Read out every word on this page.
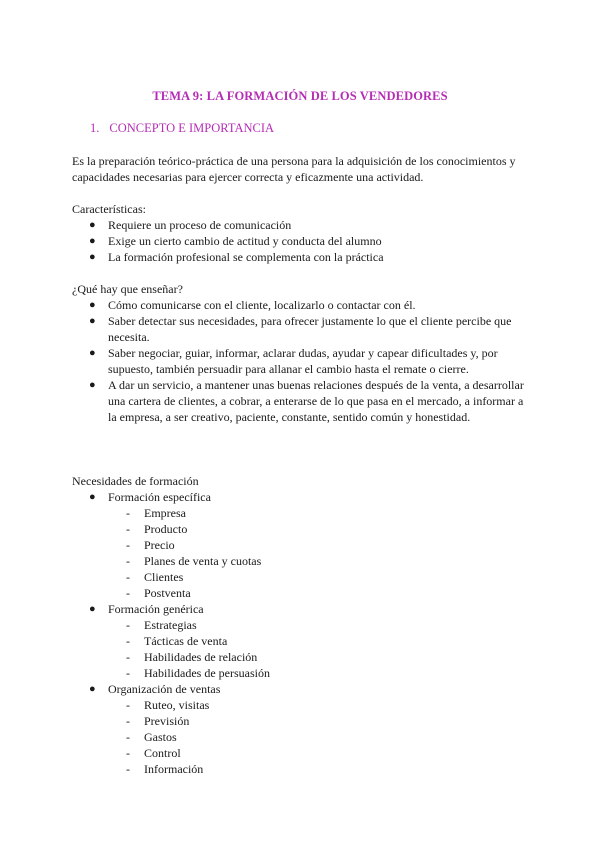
TEMA 9: LA FORMACIÓN DE LOS VENDEDORES
1. CONCEPTO E IMPORTANCIA
Es la preparación teórico-práctica de una persona para la adquisición de los conocimientos y capacidades necesarias para ejercer correcta y eficazmente una actividad.
Características:
● Requiere un proceso de comunicación
● Exige un cierto cambio de actitud y conducta del alumno
● La formación profesional se complementa con la práctica
¿Qué hay que enseñar?
● Cómo comunicarse con el cliente, localizarlo o contactar con él.
● Saber detectar sus necesidades, para ofrecer justamente lo que el cliente percibe que necesita.
● Saber negociar, guiar, informar, aclarar dudas, ayudar y capear dificultades y, por supuesto, también persuadir para allanar el cambio hasta el remate o cierre.
● A dar un servicio, a mantener unas buenas relaciones después de la venta, a desarrollar una cartera de clientes, a cobrar, a enterarse de lo que pasa en el mercado, a informar a la empresa, a ser creativo, paciente, constante, sentido común y honestidad.
Necesidades de formación
● Formación específica
- Empresa
- Producto
- Precio
- Planes de venta y cuotas
- Clientes
- Postventa
● Formación genérica
- Estrategias
- Tácticas de venta
- Habilidades de relación
- Habilidades de persuasión
● Organización de ventas
- Ruteo, visitas
- Previsión
- Gastos
- Control
- Información
